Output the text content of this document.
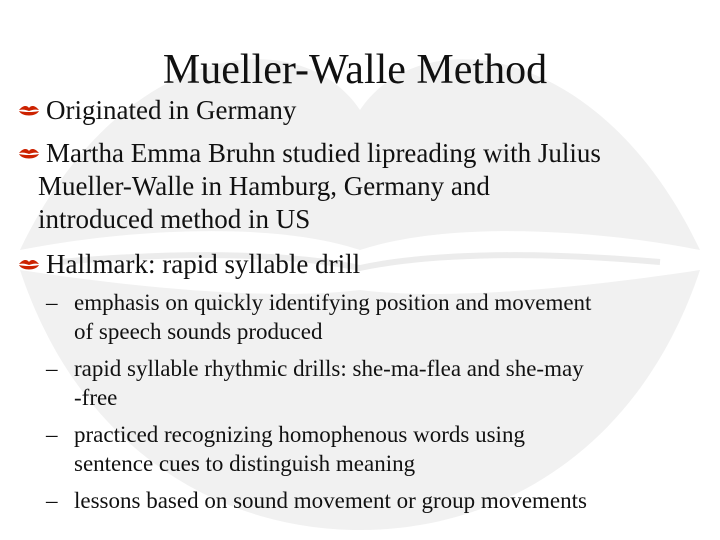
Mueller-Walle Method
Originated in Germany
Martha Emma Bruhn studied lipreading with Julius
Mueller-Walle in Hamburg, Germany and
introduced method in US
Hallmark: rapid syllable drill
– emphasis on quickly identifying position and movement
of speech sounds produced
– rapid syllable rhythmic drills: she-ma-flea and she-may
-free
– practiced recognizing homophenous words using
sentence cues to distinguish meaning
– lessons based on sound movement or group movements
